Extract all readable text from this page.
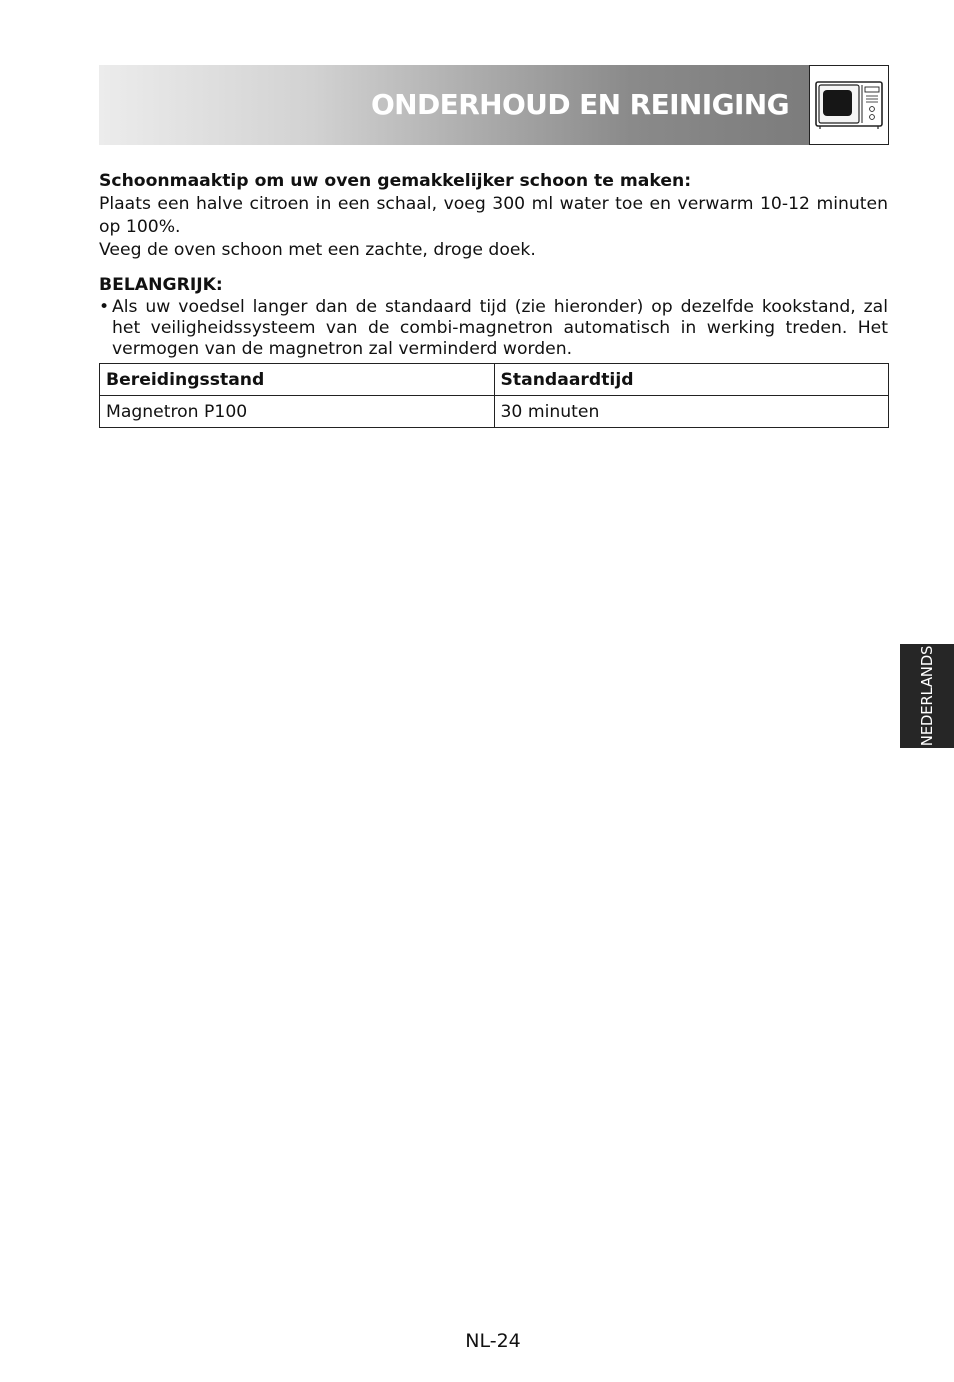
ONDERHOUD EN REINIGING

Schoonmaaktip om uw oven gemakkelijker schoon te maken:

Plaats een halve citroen in een schaal, voeg 300 ml water toe en verwarm 10-12 minuten op 100%.

Veeg de oven schoon met een zachte, droge doek.

BELANGRIJK:

• Als uw voedsel langer dan de standaard tijd (zie hieronder) op dezelfde kookstand, zal het veiligheidssysteem van de combi-magnetron automatisch in werking treden. Het vermogen van de magnetron zal verminderd worden.
Bereidingsstand	Standaardtijd
Magnetron P100	30 minuten
NEDERLANDS
NL-24
